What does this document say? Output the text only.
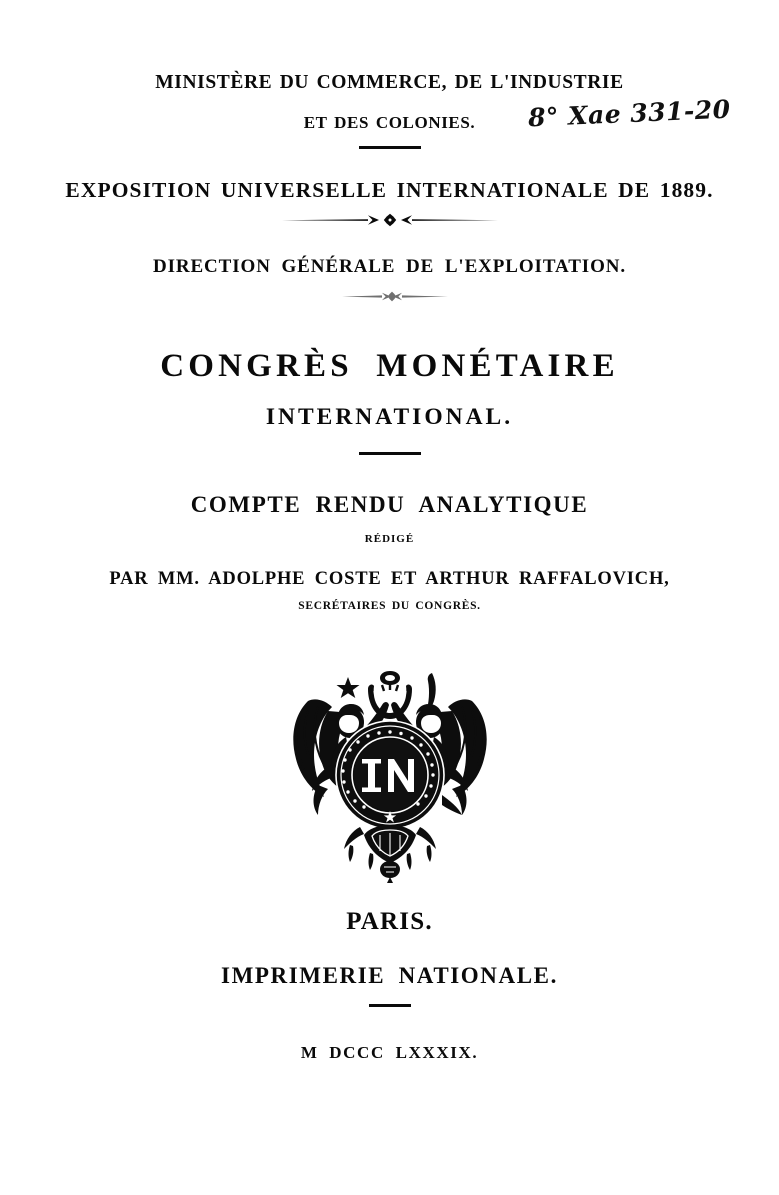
MINISTÈRE DU COMMERCE, DE L'INDUSTRIE
ET DES COLONIES.	8° Xae 331-20
EXPOSITION UNIVERSELLE INTERNATIONALE DE 1889.
DIRECTION GÉNÉRALE DE L'EXPLOITATION.
CONGRÈS MONÉTAIRE
INTERNATIONAL.
COMPTE RENDU ANALYTIQUE
RÉDIGÉ
PAR MM. ADOLPHE COSTE ET ARTHUR RAFFALOVICH,
SECRÉTAIRES DU CONGRÈS.
PARIS.
IMPRIMERIE NATIONALE.
M DCCC LXXXIX.
